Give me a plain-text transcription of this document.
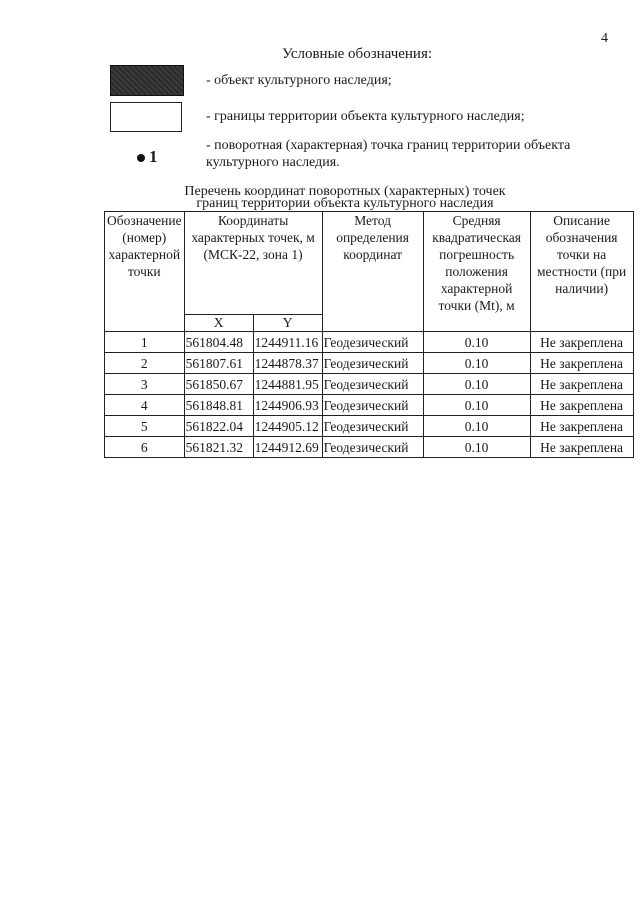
4
Условные обозначения:
- объект культурного наследия;
- границы территории объекта культурного наследия;
1
- поворотная (характерная) точка границ территории объекта культурного наследия.
Перечень координат поворотных (характерных) точек
границ территории объекта культурного наследия
Обозначение (номер) характерной точки	Координаты характерных точек, м (МСК-22, зона 1)		Метод определения координат	Средняя квадратическая погрешность положения характерной точки (Mt), м	Описание обозначения точки на местности (при наличии)
	X	Y			
1	561804.48	1244911.16	Геодезический	0.10	Не закреплена
2	561807.61	1244878.37	Геодезический	0.10	Не закреплена
3	561850.67	1244881.95	Геодезический	0.10	Не закреплена
4	561848.81	1244906.93	Геодезический	0.10	Не закреплена
5	561822.04	1244905.12	Геодезический	0.10	Не закреплена
6	561821.32	1244912.69	Геодезический	0.10	Не закреплена
